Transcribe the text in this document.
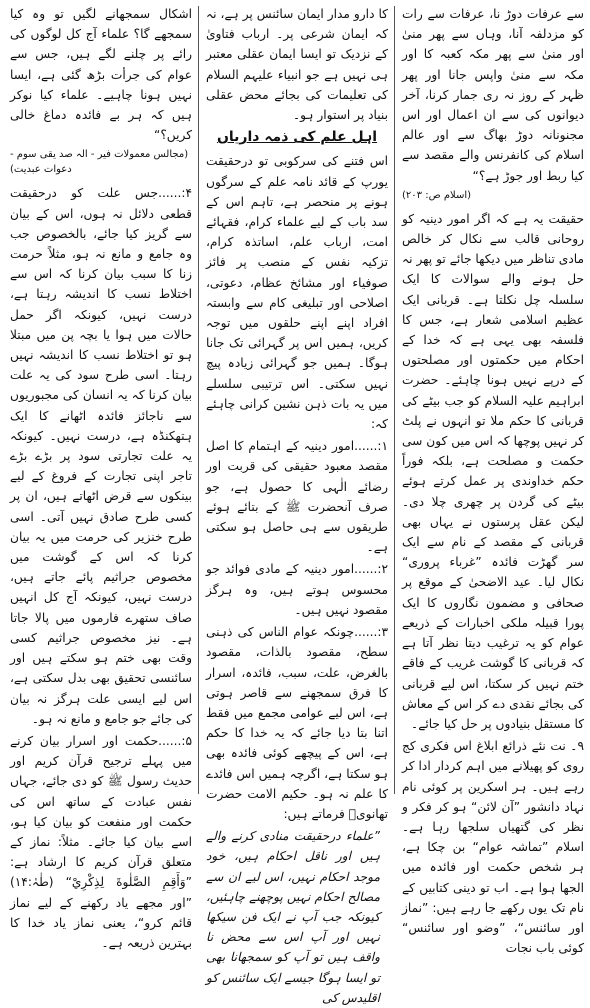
سے عرفات دوڑ نا، عرفات سے رات کو مزدلفہ آنا، وہاں سے پھر منیٰ اور منیٰ سے پھر مکہ کعبہ کا اور مکہ سے منیٰ واپس جانا اور پھر ظہر کے روز نہ ری جمار کرنا، آخر دیوانوں کی سے ان اعمال اور اس مجنونانہ دوڑ بھاگ سے اور عالم اسلام کی کانفرنس والے مقصد سے کیا ربط اور جوڑ ہے؟“

(اسلام ص: ۲۰۳)

حقیقت یہ ہے کہ اگر امور دینیہ کو روحانی قالب سے نکال کر خالص مادی تناظر میں دیکھا جائے تو پھر نہ حل ہونے والے سوالات کا ایک سلسلہ چل نکلتا ہے۔ قربانی ایک عظیم اسلامی شعار ہے، جس کا فلسفہ بھی یہی ہے کہ خدا کے احکام میں حکمتوں اور مصلحتوں کے درپے نہیں ہونا چاہئے۔ حضرت ابراہیم علیہ السلام کو جب بیٹے کی قربانی کا حکم ملا تو انہوں نے پلٹ کر نہیں پوچھا کہ اس میں کون سی حکمت و مصلحت ہے، بلکہ فوراً حکم خداوندی پر عمل کرتے ہوئے بیٹے کی گردن پر چھری چلا دی۔ لیکن عقل پرستوں نے یہاں بھی قربانی کے مقصد کے نام سے ایک سر گھڑت فائدہ ”غرباء پروری“ نکال لیا۔ عید الاضحیٰ کے موقع پر صحافی و مضمون نگاروں کا ایک پورا قبیلہ ملکی اخبارات کے ذریعے عوام کو یہ ترغیب دیتا نظر آتا ہے کہ قربانی کا گوشت غریب کے فاقے ختم نہیں کر سکتا، اس لیے قربانی کی بجائے نقدی دے کر اس کے معاش کا مستقل بنیادوں پر حل کیا جائے۔

۹۔ نت نئے ذرائع ابلاغ اس فکری کج روی کو پھیلانے میں اہم کردار ادا کر رہے ہیں۔ ہر اسکرین پر کوئی نام نہاد دانشور ”آن لائن“ ہو کر فکر و نظر کی گتھیاں سلجھا رہا ہے۔ اسلام ”تماشہ عوام“ بن چکا ہے، ہر شخص حکمت اور فائدہ میں الجھا ہوا ہے۔ اب تو دینی کتابیں کے نام تک یوں رکھے جا رہے ہیں: ”نماز اور سائنس“، ”وضو اور سائنس“ کوئی باب نجات

کا دارو مدار ایمان سائنس پر ہے، نہ کہ ایمان شرعی پر۔ ارباب فتاویٰ کے نزدیک تو ایسا ایمان عقلی معتبر ہی نہیں ہے جو انبیاء علیہم السلام کی تعلیمات کی بجائے محض عقلی بنیاد پر استوار ہو۔

اہل علم کی ذمہ داریاں

اس فتنے کی سرکوبی تو درحقیقت یورپ کے قائد نامہ علم کے سرگوں ہونے پر منحصر ہے، تاہم اس کے سد باب کے لیے علماء کرام، فقہائے امت، ارباب علم، اساتذہ کرام، تزکیہ نفس کے منصب پر فائز صوفیاء اور مشائخ عظام، دعوتی، اصلاحی اور تبلیغی کام سے وابستہ افراد اپنے اپنے حلقوں میں توجہ کریں، ہمیں اس پر گہرائی تک جانا ہوگا۔ ہمیں جو گہرائی زیادہ پیچ نہیں سکتی۔ اس ترتیبی سلسلے میں یہ بات ذہن نشین کرانی چاہئے کہ:

۱:......امور دینیہ کے اہتمام کا اصل مقصد معبود حقیقی کی قربت اور رضائے الٰہی کا حصول ہے، جو صرف آنحضرت ﷺ کے بتائے ہوئے طریقوں سے ہی حاصل ہو سکتی ہے۔

۲:......امور دینیہ کے مادی فوائد جو محسوس ہوتے ہیں، وہ ہرگز مقصود نہیں ہیں۔

۳:......چونکہ عوام الناس کی ذہنی سطح، مقصود بالذات، مقصود بالغرض، علت، سبب، فائدہ، اسرار کا فرق سمجھنے سے قاصر ہوتی ہے، اس لیے عوامی مجمع میں فقط اتنا بتا دیا جائے کہ یہ خدا کا حکم ہے، اس کے پیچھے کوئی فائدہ بھی ہو سکتا ہے، اگرچہ ہمیں اس فائدے کا علم نہ ہو۔ حکیم الامت حضرت تھانویؒ فرماتے ہیں:

”علماء درحقیقت منادی کرنے والے ہیں اور ناقل احکام ہیں، خود موجد احکام نہیں، اس لیے ان سے مصالح احکام نہیں پوچھنے چاہئیں، کیونکہ جب آپ نے ایک فن سیکھا نہیں اور آپ اس سے محض نا واقف ہیں تو آپ کو سمجھانا بھی تو ایسا ہوگا جیسے ایک سائنس کو اقلیدس کی

اشکال سمجھانے لگیں تو وہ کیا سمجھے گا؟ علماء آج کل لوگوں کی رائے پر چلنے لگے ہیں، جس سے عوام کی جرأت بڑھ گئی ہے، ایسا نہیں ہونا چاہیے۔ علماء کیا نوکر ہیں کہ ہر بے فائدہ دماغ خالی کریں؟“

(مجالس معمولات فیر - الہ صد یقی سوم - دعوات عبدیت)

۴:......جس علت کو درحقیقت قطعی دلائل نہ ہوں، اس کے بیان سے گریز کیا جائے، بالخصوص جب وہ جامع و مانع نہ ہو، مثلاً حرمت زنا کا سبب بیان کرنا کہ اس سے اختلاط نسب کا اندیشہ رہتا ہے، درست نہیں، کیونکہ اگر حمل حالات میں ہوا یا بچہ پن میں مبتلا ہو تو اختلاط نسب کا اندیشہ نہیں رہتا۔ اسی طرح سود کی یہ علت بیان کرنا کہ یہ انسان کی مجبوریوں سے ناجائز فائدہ اٹھانے کا ایک ہتھکنڈہ ہے، درست نہیں۔ کیونکہ یہ علت تجارتی سود پر بڑے بڑے تاجر اپنی تجارت کے فروغ کے لیے بینکوں سے قرض اٹھاتے ہیں، ان پر کسی طرح صادق نہیں آتی۔ اسی طرح خنزیر کی حرمت میں یہ بیان کرنا کہ اس کے گوشت میں مخصوص جراثیم پائے جاتے ہیں، درست نہیں، کیونکہ آج کل انہیں صاف ستھرے فارموں میں پالا جاتا ہے۔ نیز مخصوص جراثیم کسی وقت بھی ختم ہو سکتے ہیں اور سائنسی تحقیق بھی بدل سکتی ہے، اس لیے ایسی علت ہرگز نہ بیان کی جائے جو جامع و مانع نہ ہو۔

۵:......حکمت اور اسرار بیان کرنے میں پہلے ترجیح قرآن کریم اور حدیث رسول ﷺ کو دی جائے، جہاں نفس عبادت کے ساتھ اس کی حکمت اور منفعت کو بیان کیا ہو، اسے بیان کیا جائے۔ مثلاً: نماز کے متعلق قرآن کریم کا ارشاد ہے: ”وَأَقِمِ الصَّلٰوةَ لِذِكْرِيْ“ (طٰہٰ:۱۴) ”اور مجھے یاد رکھنے کے لیے نماز قائم کرو“، یعنی نماز یاد خدا کا بہترین ذریعہ ہے۔
